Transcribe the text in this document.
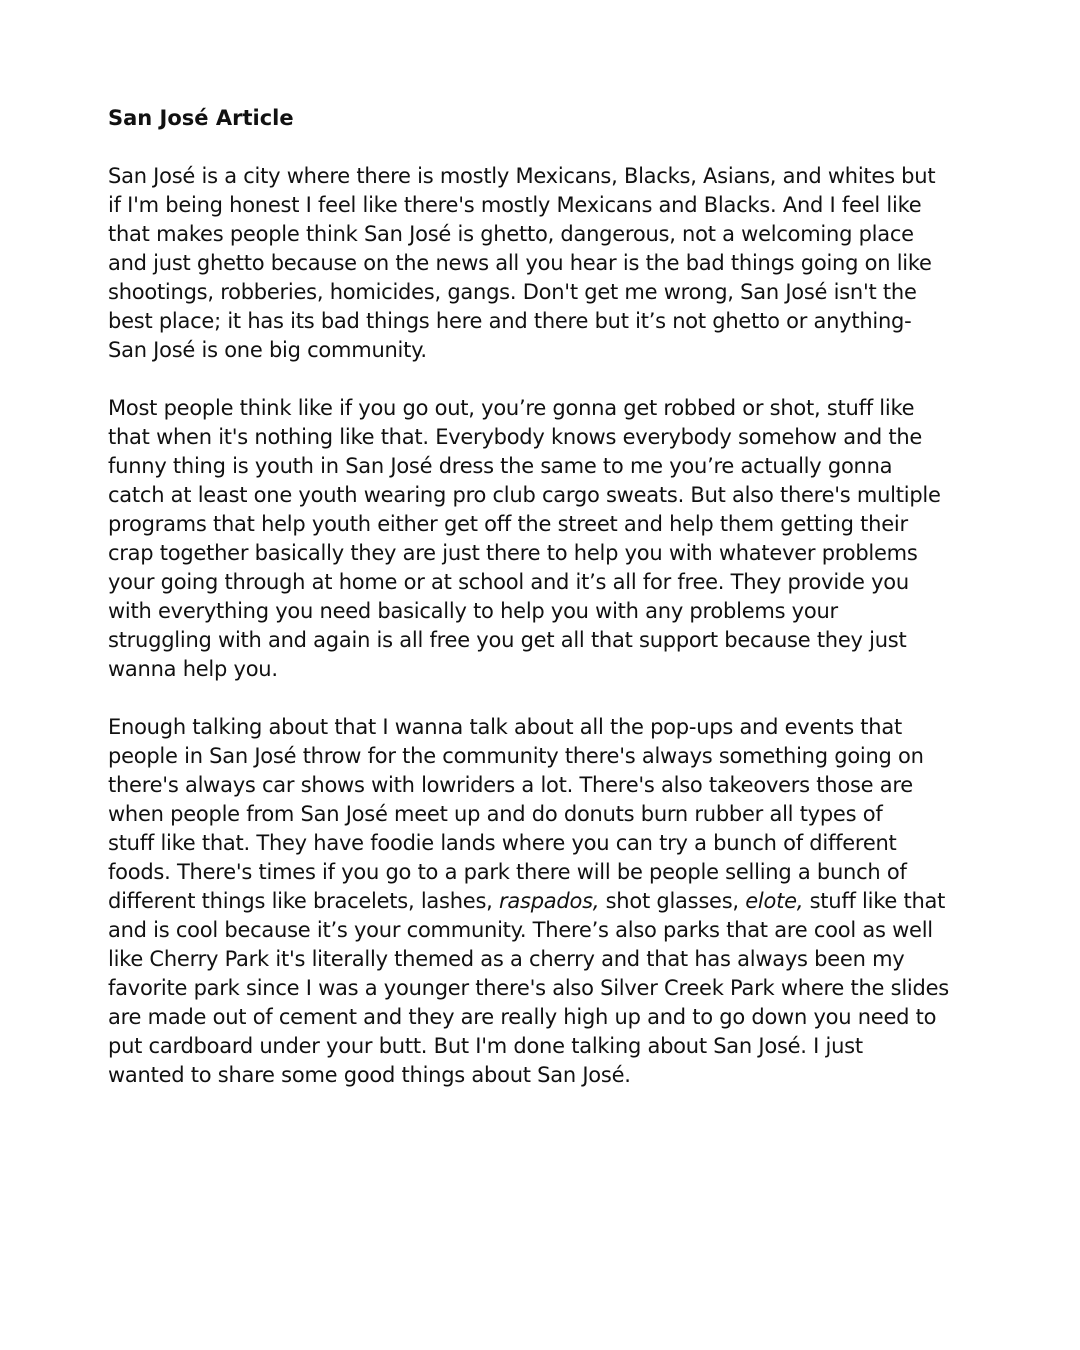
San José Article
San José is a city where there is mostly Mexicans, Blacks, Asians, and whites but
if I'm being honest I feel like there's mostly Mexicans and Blacks. And I feel like
that makes people think San José is ghetto, dangerous, not a welcoming place
and just ghetto because on the news all you hear is the bad things going on like
shootings, robberies, homicides, gangs. Don't get me wrong, San José isn't the
best place; it has its bad things here and there but it’s not ghetto or anything-
San José is one big community.
Most people think like if you go out, you’re gonna get robbed or shot, stuff like
that when it's nothing like that. Everybody knows everybody somehow and the
funny thing is youth in San José dress the same to me you’re actually gonna
catch at least one youth wearing pro club cargo sweats. But also there's multiple
programs that help youth either get off the street and help them getting their
crap together basically they are just there to help you with whatever problems
your going through at home or at school and it’s all for free. They provide you
with everything you need basically to help you with any problems your
struggling with and again is all free you get all that support because they just
wanna help you.
Enough talking about that I wanna talk about all the pop-ups and events that
people in San José throw for the community there's always something going on
there's always car shows with lowriders a lot. There's also takeovers those are
when people from San José meet up and do donuts burn rubber all types of
stuff like that. They have foodie lands where you can try a bunch of different
foods. There's times if you go to a park there will be people selling a bunch of
different things like bracelets, lashes, raspados, shot glasses, elote, stuff like that
and is cool because it’s your community. There’s also parks that are cool as well
like Cherry Park it's literally themed as a cherry and that has always been my
favorite park since I was a younger there's also Silver Creek Park where the slides
are made out of cement and they are really high up and to go down you need to
put cardboard under your butt. But I'm done talking about San José. I just
wanted to share some good things about San José.
